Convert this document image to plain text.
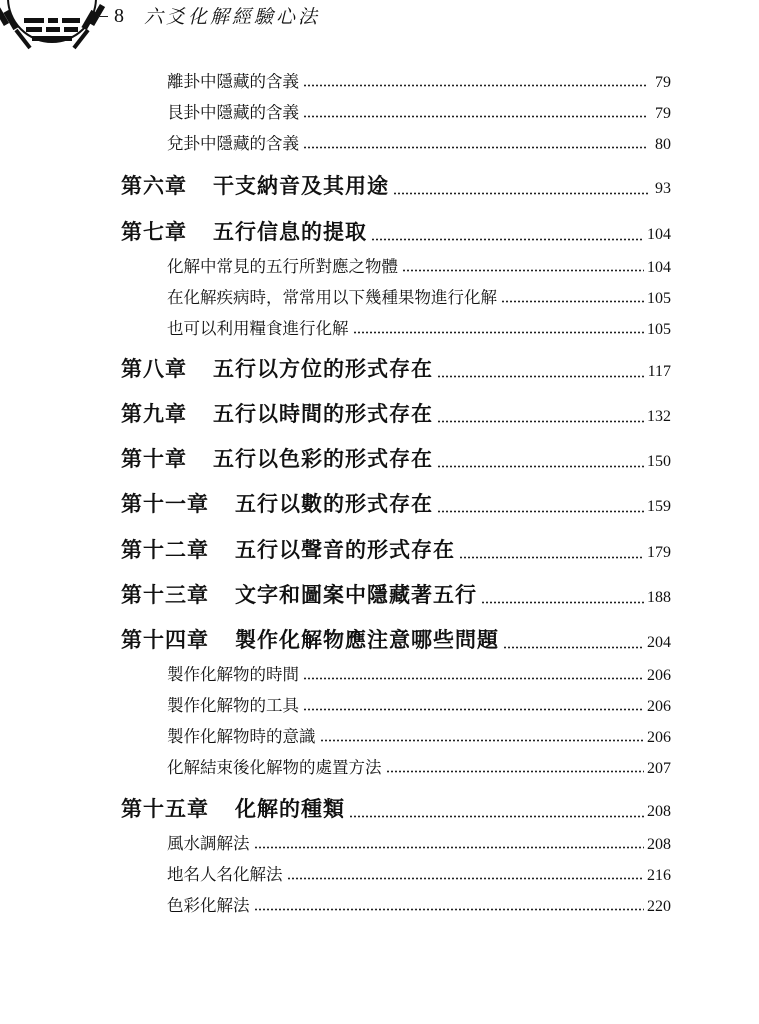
8 六爻化解經驗心法
離卦中隱藏的含義	79
艮卦中隱藏的含義	79
兌卦中隱藏的含義	80
第六章 干支納音及其用途	93
第七章 五行信息的提取	104
化解中常見的五行所對應之物體	104
在化解疾病時，常常用以下幾種果物進行化解	105
也可以利用糧食進行化解	105
第八章 五行以方位的形式存在	117
第九章 五行以時間的形式存在	132
第十章 五行以色彩的形式存在	150
第十一章 五行以數的形式存在	159
第十二章 五行以聲音的形式存在	179
第十三章 文字和圖案中隱藏著五行	188
第十四章 製作化解物應注意哪些問題	204
製作化解物的時間	206
製作化解物的工具	206
製作化解物時的意識	206
化解結束後化解物的處置方法	207
第十五章 化解的種類	208
風水調解法	208
地名人名化解法	216
色彩化解法	220
